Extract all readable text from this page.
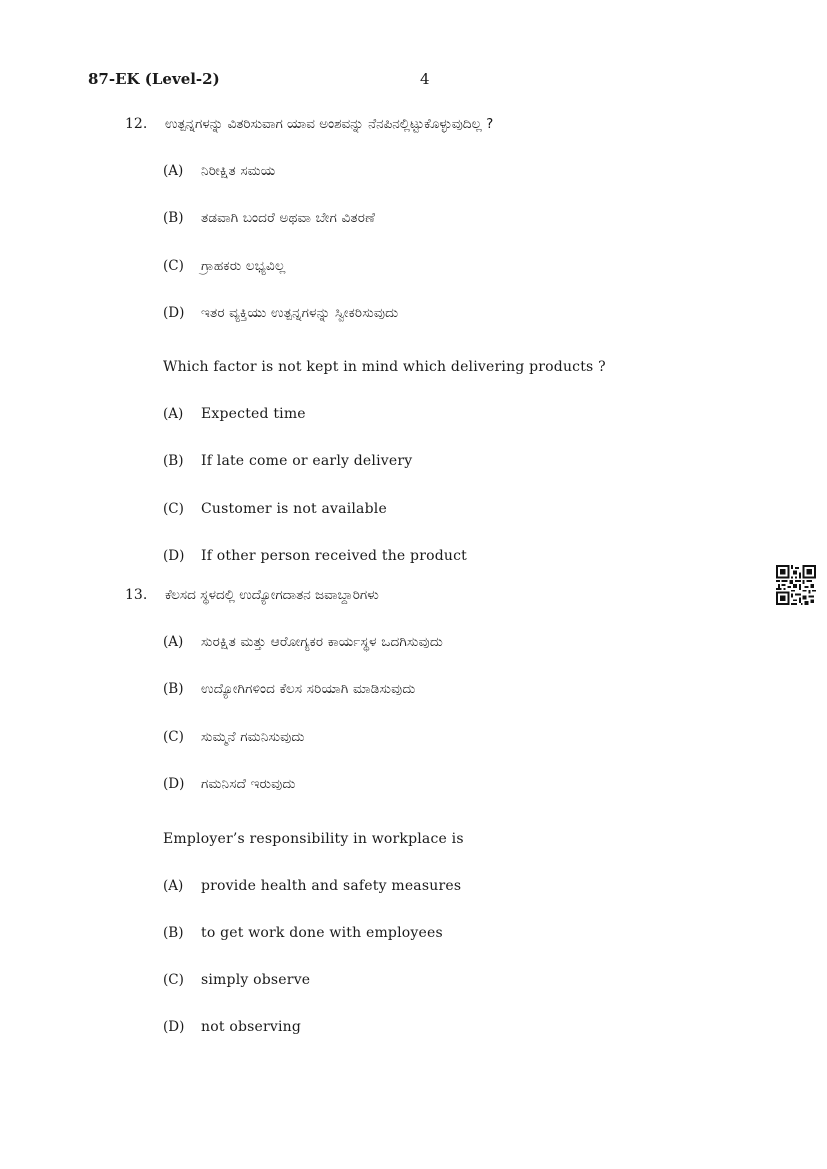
87-EK (Level-2)	4
12. ಉತ್ಪನ್ನಗಳನ್ನು ವಿತರಿಸುವಾಗ ಯಾವ ಅಂಶವನ್ನು ನೆನಪಿನಲ್ಲಿಟ್ಟುಕೊಳ್ಳುವುದಿಲ್ಲ ?
(A) ನಿರೀಕ್ಷಿತ ಸಮಯ
(B) ತಡವಾಗಿ ಬಂದರೆ ಅಥವಾ ಬೇಗ ವಿತರಣೆ
(C) ಗ್ರಾಹಕರು ಲಭ್ಯವಿಲ್ಲ
(D) ಇತರ ವ್ಯಕ್ತಿಯು ಉತ್ಪನ್ನಗಳನ್ನು ಸ್ವೀಕರಿಸುವುದು
Which factor is not kept in mind which delivering products ?
(A) Expected time
(B) If late come or early delivery
(C) Customer is not available
(D) If other person received the product
13. ಕೆಲಸದ ಸ್ಥಳದಲ್ಲಿ ಉದ್ಯೋಗದಾತನ ಜವಾಬ್ದಾರಿಗಳು
(A) ಸುರಕ್ಷಿತ ಮತ್ತು ಆರೋಗ್ಯಕರ ಕಾರ್ಯಸ್ಥಳ ಒದಗಿಸುವುದು
(B) ಉದ್ಯೋಗಿಗಳಿಂದ ಕೆಲಸ ಸರಿಯಾಗಿ ಮಾಡಿಸುವುದು
(C) ಸುಮ್ಮನೆ ಗಮನಿಸುವುದು
(D) ಗಮನಿಸದೆ ಇರುವುದು
Employer’s responsibility in workplace is
(A) provide health and safety measures
(B) to get work done with employees
(C) simply observe
(D) not observing
